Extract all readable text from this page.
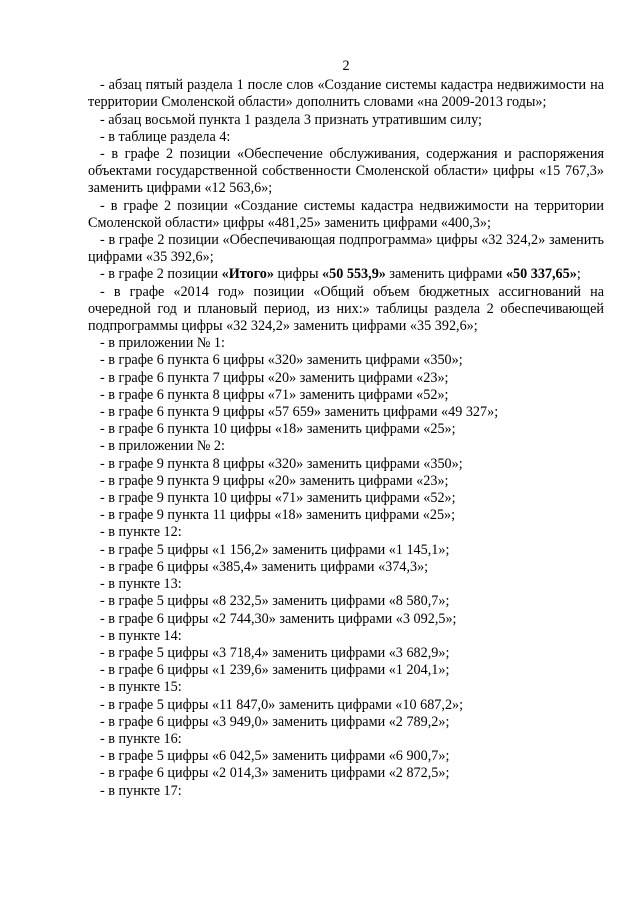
2

- абзац пятый раздела 1 после слов «Создание системы кадастра недвижимости на территории Смоленской области» дополнить словами «на 2009-2013 годы»;

- абзац восьмой пункта 1 раздела 3 признать утратившим силу;

- в таблице раздела 4:

- в графе 2 позиции «Обеспечение обслуживания, содержания и распоряжения объектами государственной собственности Смоленской области» цифры «15 767,3» заменить цифрами «12 563,6»;

- в графе 2 позиции «Создание системы кадастра недвижимости на территории Смоленской области» цифры «481,25» заменить цифрами «400,3»;

- в графе 2 позиции «Обеспечивающая подпрограмма» цифры «32 324,2» заменить цифрами «35 392,6»;

- в графе 2 позиции «Итого» цифры «50 553,9» заменить цифрами «50 337,65»;

- в графе «2014 год» позиции «Общий объем бюджетных ассигнований на очередной год и плановый период, из них:» таблицы раздела 2 обеспечивающей подпрограммы цифры «32 324,2» заменить цифрами «35 392,6»;

- в приложении № 1:

- в графе 6 пункта 6 цифры «320» заменить цифрами «350»;

- в графе 6 пункта 7 цифры «20» заменить цифрами «23»;

- в графе 6 пункта 8 цифры «71» заменить цифрами «52»;

- в графе 6 пункта 9 цифры «57 659» заменить цифрами «49 327»;

- в графе 6 пункта 10 цифры «18» заменить цифрами «25»;

- в приложении № 2:

- в графе 9 пункта 8 цифры «320» заменить цифрами «350»;

- в графе 9 пункта 9 цифры «20» заменить цифрами «23»;

- в графе 9 пункта 10 цифры «71» заменить цифрами «52»;

- в графе 9 пункта 11 цифры «18» заменить цифрами «25»;

- в пункте 12:

- в графе 5 цифры «1 156,2» заменить цифрами «1 145,1»;

- в графе 6 цифры «385,4» заменить цифрами «374,3»;

- в пункте 13:

- в графе 5 цифры «8 232,5» заменить цифрами «8 580,7»;

- в графе 6 цифры «2 744,30» заменить цифрами «3 092,5»;

- в пункте 14:

- в графе 5 цифры «3 718,4» заменить цифрами «3 682,9»;

- в графе 6 цифры «1 239,6» заменить цифрами «1 204,1»;

- в пункте 15:

- в графе 5 цифры «11 847,0» заменить цифрами «10 687,2»;

- в графе 6 цифры «3 949,0» заменить цифрами «2 789,2»;

- в пункте 16:

- в графе 5 цифры «6 042,5» заменить цифрами «6 900,7»;

- в графе 6 цифры «2 014,3» заменить цифрами «2 872,5»;

- в пункте 17:
